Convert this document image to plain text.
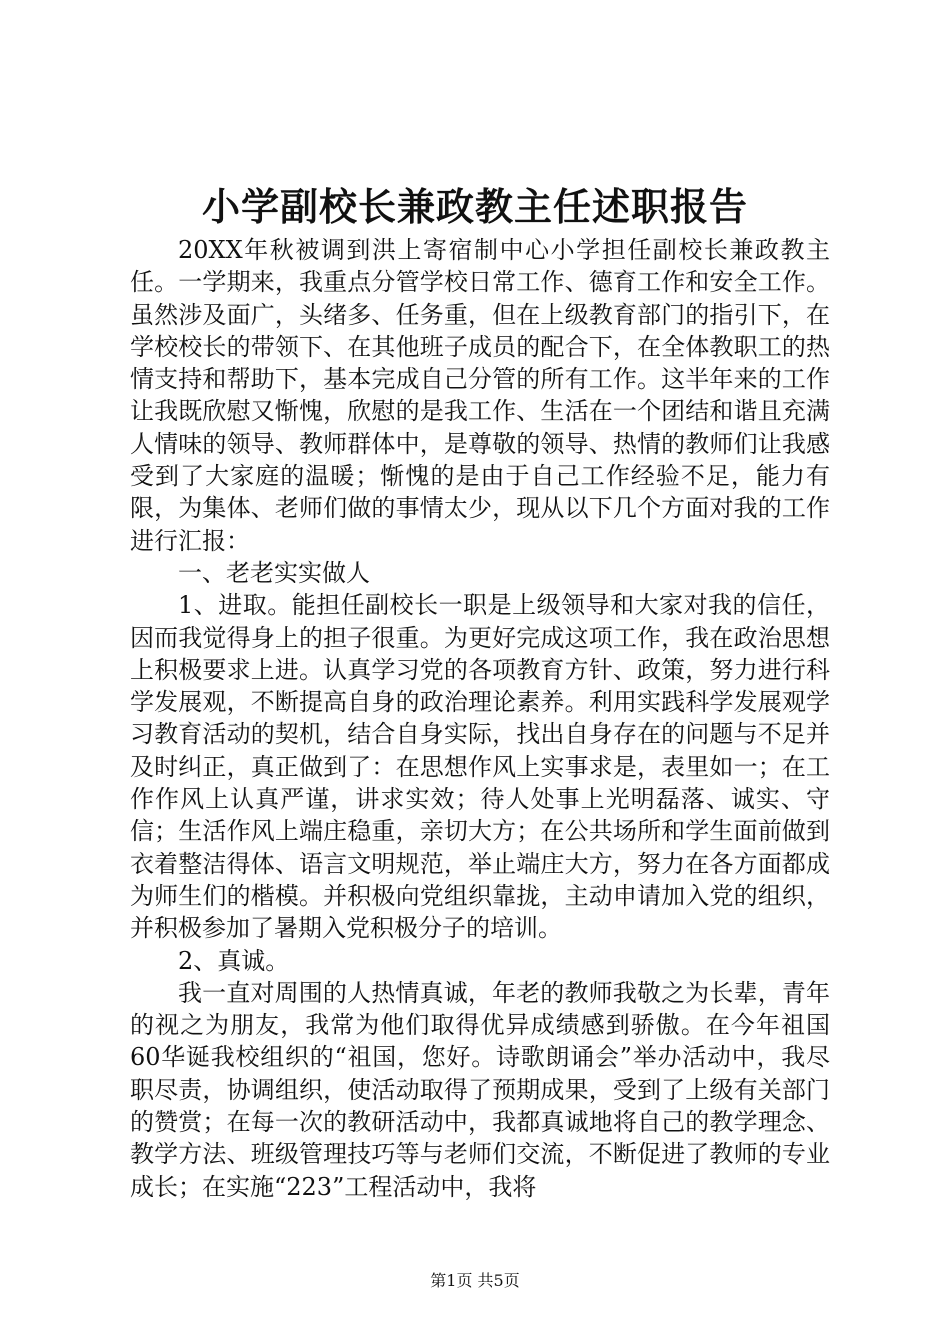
小学副校长兼政教主任述职报告

20XX年秋被调到洪上寄宿制中心小学担任副校长兼政教主任。一学期来，我重点分管学校日常工作、德育工作和安全工作。虽然涉及面广，头绪多、任务重，但在上级教育部门的指引下，在学校校长的带领下、在其他班子成员的配合下，在全体教职工的热情支持和帮助下，基本完成自己分管的所有工作。这半年来的工作让我既欣慰又惭愧，欣慰的是我工作、生活在一个团结和谐且充满人情味的领导、教师群体中，是尊敬的领导、热情的教师们让我感受到了大家庭的温暖；惭愧的是由于自己工作经验不足，能力有限，为集体、老师们做的事情太少，现从以下几个方面对我的工作进行汇报：

一、老老实实做人

1、进取。能担任副校长一职是上级领导和大家对我的信任，因而我觉得身上的担子很重。为更好完成这项工作，我在政治思想上积极要求上进。认真学习党的各项教育方针、政策，努力进行科学发展观，不断提高自身的政治理论素养。利用实践科学发展观学习教育活动的契机，结合自身实际，找出自身存在的问题与不足并及时纠正，真正做到了：在思想作风上实事求是，表里如一；在工作作风上认真严谨，讲求实效；待人处事上光明磊落、诚实、守信；生活作风上端庄稳重，亲切大方；在公共场所和学生面前做到衣着整洁得体、语言文明规范，举止端庄大方，努力在各方面都成为师生们的楷模。并积极向党组织靠拢，主动申请加入党的组织，并积极参加了暑期入党积极分子的培训。

2、真诚。

我一直对周围的人热情真诚，年老的教师我敬之为长辈，青年的视之为朋友，我常为他们取得优异成绩感到骄傲。在今年祖国60华诞我校组织的“祖国，您好。诗歌朗诵会”举办活动中，我尽职尽责，协调组织，使活动取得了预期成果，受到了上级有关部门的赞赏；在每一次的教研活动中，我都真诚地将自己的教学理念、教学方法、班级管理技巧等与老师们交流，不断促进了教师的专业成长；在实施“223”工程活动中，我将

第1页 共5页
